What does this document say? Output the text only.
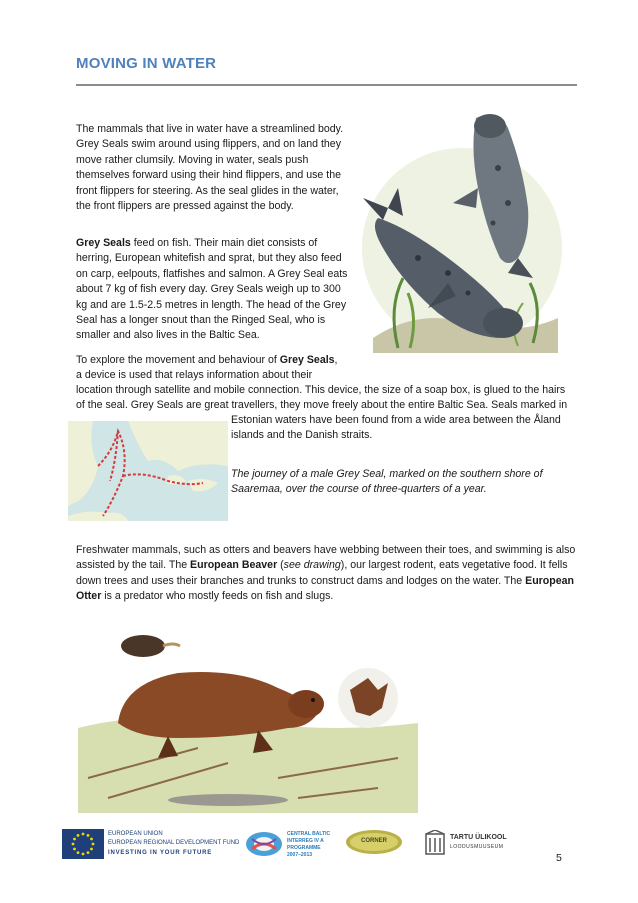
MOVING IN WATER
The mammals that live in water have a streamlined body. Grey Seals swim around using flippers, and on land they move rather clumsily. Moving in water, seals push themselves forward using their hind flippers, and use the front flippers for steering. As the seal glides in the water, the front flippers are pressed against the body.
Grey Seals feed on fish. Their main diet consists of herring, European whitefish and sprat, but they also feed on carp, eelpouts, flatfishes and salmon. A Grey Seal eats about 7 kg of fish every day. Grey Seals weigh up to 300 kg and are 1.5-2.5 metres in length. The head of the Grey Seal has a longer snout than the Ringed Seal, who is smaller and also lives in the Baltic Sea.
To explore the movement and behaviour of Grey Seals,
a device is used that relays information about their
location through satellite and mobile connection. This device, the size of a soap box, is glued to the hairs
of the seal. Grey Seals are great travellers, they move freely about the entire Baltic Sea. Seals marked in
Estonian waters have been found from a wide area between the Åland
islands and the Danish straits.
The journey of a male Grey Seal, marked on the southern shore of Saaremaa, over the course of three-quarters of a year.
Freshwater mammals, such as otters and beavers have webbing between their toes, and swimming is also assisted by the tail. The European Beaver (see drawing), our largest rodent, eats vegetative food. It fells down trees and uses their branches and trunks to construct dams and lodges on the water. The European Otter is a predator who mostly feeds on fish and slugs.
EUROPEAN UNION
EUROPEAN REGIONAL DEVELOPMENT FUND
INVESTING IN YOUR FUTURE
CENTRAL BALTIC
INTERREG IV A
PROGRAMME
2007–2013
CORNER	TARTU ÜLIKOOL
LOODUSMUUSEUM
5
